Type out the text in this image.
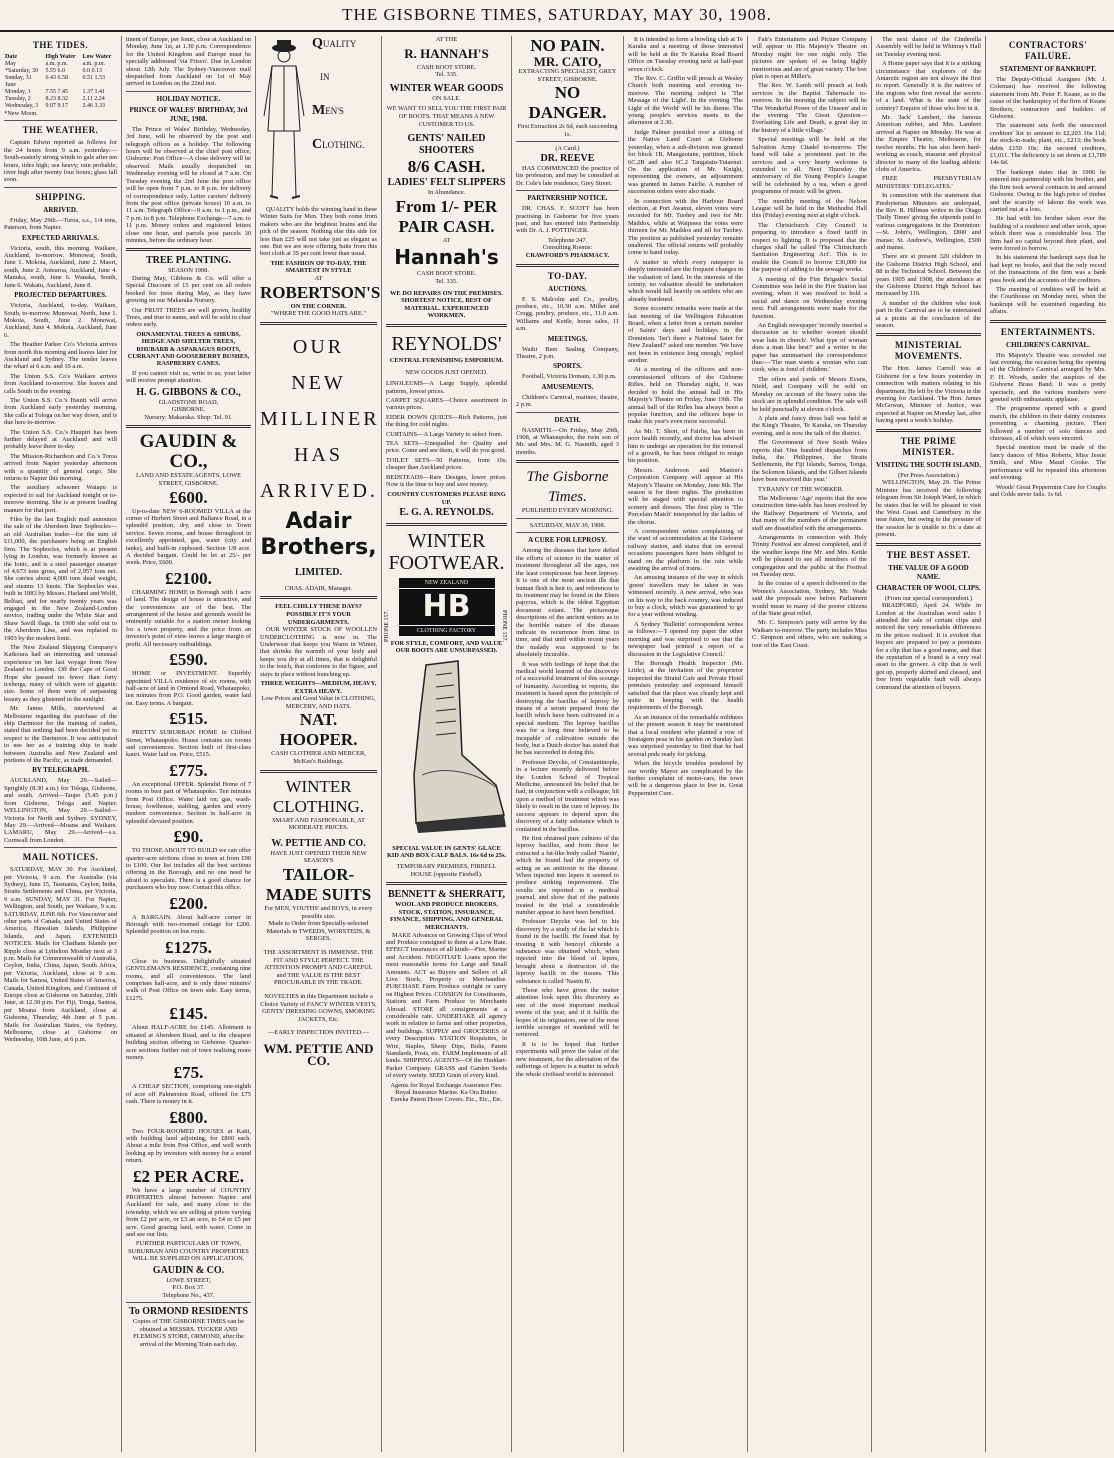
THE GISBORNE TIMES, SATURDAY, MAY 30, 1908.
THE TIDES.
Date	High Water	Low Water
May	a.m. p.m.	a.m. p.m.
*Saturday, 30	5.55 6.0	0.0 0.13
Sunday, 31	6.43 6.58	0.51 1.53
June		
Monday, 1	7.55 7.45	1.37 1.41
Tuesday, 2	8.23 8.32	2.11 2.24
Wednesday, 3	9.07 9.17	2.46 3.33

*New Moon.

THE WEATHER.

Captain Edwin reported as follows for the 24 hours from 9 a.m. yesterday:—South-easterly strong winds to gale after ten hours, tides high; sea heavy; rain probable; river high after twenty four hours; glass fall soon.

SHIPPING.
ARRIVED.

Friday, May 29th.—Toroa, s.s., 1/4 tons, Paterson, from Napier.

EXPECTED ARRIVALS.

Victoria, south, this morning. Waikare, Auckland, to-morrow. Monowai, South, June 1. Mokoia, Auckland, June 2. Maori, south, June 2. Aotearoa, Auckland, June 4. Manuka, south, June 6. Wanaka, South, June 6. Wakatu, Auckland, June 8.

PROJECTED DEPARTURES.

Victoria, Auckland, to-day. Waikare, South, to-morrow. Monowai, North, June 1. Mokoia, South, June 2. Monowai, Auckland, June 4. Mokoia, Auckland, June 6.

The Heather Parker Co's Victoria arrives from north this morning and leaves later for Auckland and Sydney. The tender leaves the wharf at 6 a.m. and 10 a.m.

The Union S.S. Co's Waikare arrives from Auckland to-morrow. She leaves and calls South in the evening.

The Union S.S. Co.'s Hauiti will arrive from Auckland early yesterday morning. She calls at Tologa on her way down, and is due here to-morrow.

The Union S.S. Co.'s Haupiri has been further delayed at Auckland and will probably leave there to-day.

The Mission-Richardson and Co.'s Toroa arrived from Napier yesterday afternoon with a quantity of general cargo. She returns to Napier this morning.

The auxiliary schooner Waiapu is expected to sail for Auckland tonight or to-morrow morning. She is at present loading manure for that port.

Files by the last English mail announce the sale of the Aberdeen liner Sophocles—an old Australian trader—for the sum of £11,000, the purchasers being an English firm. The Sophocles, which is at present lying in London, was formerly known as the Ionic, and is a steel passenger steamer of 4,673 tons gross, and of 2,957 tons net. She carries about 4,000 tons dead weight, and steams 13 knots. The Sophocles was built in 1883 by Messrs. Harland and Wolff, Belfast, and for nearly twenty years was engaged in the New Zealand-London service, trading under the White Star and Shaw Savill flags. In 1900 she sold out to the Aberdeen Line, and was replaced in 1903 by the modern Ionic.

The New Zealand Shipping Company's Kaikoura had an interesting and unusual experience on her last voyage from New Zealand to London. Off the Cape of Good Hope she passed no fewer than forty icebergs, many of which were of gigantic size. Some of them were of surpassing beauty as they glistened in the sunlight.

Mr. James Mills, interviewed at Melbourne regarding the purchase of the ship Dartmoor for the training of cadets, stated that nothing had been decided yet in respect to the Dartmoor. It was anticipated to use her as a training ship to trade between Australia and New Zealand and portions of the Pacific, as trade demanded.

BY TELEGRAPH.

AUCKLAND, May 29.—Sailed—Sprightly (8.30 a.m.) for Tologa, Gisborne, and south. Arrived—Taupo (5.45 p.m.) from Gisborne, Tologa and Napier. WELLINGTON, May 29.—Sailed—Victoria for North and Sydney. SYDNEY, May 29.—Arrived—Moana and Waikare. LAMARU, May 29.—Arrived—s.s. Cornwall from London.

MAIL NOTICES.

SATURDAY, MAY 30. For Auckland, per Victoria, 9 a.m. For Australia (via Sydney), June 15, Tasmania, Ceylon, India, Straits Settlements and China, per Victoria, 9 a.m. SUNDAY, MAY 31. For Napier, Wellington, and South, per Waikare, 9 a.m. SATURDAY, JUNE 6th. For Vancouver and other parts of Canada, and United States of America, Hawaiian Islands, Philippine Islands, and Japan. EXTENDED NOTICES. Mails for Chatham Islands per Ripple close at Lyttelton Monday next at 3 p.m. Mails for Commonwealth of Australia, Ceylon, India, China, Japan, South Africa, per Victoria, Auckland, close at 9 a.m. Mails for Samoa, United States of America, Canada, United Kingdom, and Continent of Europe close at Gisborne on Saturday, 20th June, at 12.30 p.m. For Fiji, Tonga, Samoa, per Moana from Auckland, close at Gisborne, Thursday, 4th June at 5 p.m. Mails for Australian States, via Sydney, Melbourne, close at Gisborne on Wednesday, 10th June, at 6 p.m.

tinent of Europe, per Ionic, close at Auckland on Monday, June 1st, at 1.30 p.m. Correspondence for the United Kingdom and Europe must be specially addressed 'via Frisco'. Due in London about 12th July. The Sydney-Vancouver mail despatched from Auckland on 1st of May arrived in London on the 22nd inst.

HOLIDAY NOTICE.
PRINCE OF WALES' BIRTHDAY, 3rd JUNE, 1908.

The Prince of Wales' Birthday, Wednesday, 3rd June, will be observed by the post and telegraph offices as a holiday. The following hours will be observed at the chief post office, Gisborne: Post Office—A close delivery will be observed. Mails usually despatched on Wednesday evening will be closed at 7 a.m. On Tuesday evening the 2nd June the post office will be open from 7 p.m. to 8 p.m. for delivery of correspondence only. Letter carriers' delivery from the post office (private boxes) 10 a.m. to 11 a.m. Telegraph Office—9 a.m. to 1 p.m., and 7 p.m. to 8 p.m. Telephone Exchange—7 a.m. to 11 p.m. Money orders and registered letters close one hour, and parcels post parcels 30 minutes, before the ordinary hour.

TREE PLANTING.
SEASON 1908.

During May, Gibbons & Co. will offer a Special Discount of 15 per cent on all orders booked for trees during May, as they have growing on our Makaraka Nursery.

Our FRUIT TREES are well grown, healthy Trees, and true to name, and will be sold to clear orders early.

ORNAMENTAL TREES & SHRUBS, HEDGE AND SHELTER TREES, RHUBARB & ASPARAGUS ROOTS, CURRANT AND GOOSEBERRY BUSHES, RASPBERRY CANES.

If you cannot visit us, write to us; your letter will receive prompt attention.

H. G. GIBBONS & CO.,
GLADSTONE ROAD,
GISBORNE.
Nursery: Makaraka. Shop: Tel. 91.
GAUDIN & CO.,
LAND AND ESTATE AGENTS, LOWE STREET, GISBORNE.
£600.

Up-to-date NEW 6-ROOMED VILLA at the corner of Herbert Street and Ballance Road, in a splendid position, dry, and close to Town service. Seven rooms, and house throughout in excellently appointed, gas, water (city and tanks), and built-in cupboard. Section 1/8 acre. A decided bargain. Could be let at 25/- per week. Price, £600.

£2100.

CHARMING HOME in Borough with 1 acre of land. The design of house is attractive, and the conveniences are of the best. The arrangement of the house and grounds would be eminently suitable for a station owner looking for a town property, and the price from an investor's point of view leaves a large margin of profit. All necessary outbuildings.

£590.

HOME or INVESTMENT. Superbly appointed VILLA residence of six rooms, with half-acre of land in Ormond Road, Whataupoko, ten minutes from P.O. Good garden, water laid on. Easy terms. A bargain.

£515.

PRETTY SUBURBAN HOME in Clifford Street, Whataupoko. House contains six rooms and conveniences. Section built of first-class kauri. Water laid on. Price, £515.

£775.

An exceptional OFFER. Splendid Home of 7 rooms in best part of Whataupoko. Ten minutes from Post Office. Water laid on; gas, wash-house, fowlhouse, stabling, garden and every modern convenience. Section in half-acre in splendid elevated position.

£90.

TO THOSE ABOUT TO BUILD we can offer quarter-acre sections close to town at from £90 to £100. Our list includes all the best sections offering in the Borough, and no one need be afraid to speculate. There is a good chance for purchasers who buy now. Contact this office.

£200.

A BARGAIN. About half-acre corner in Borough with two-roomed cottage for £200. Splendid position on bus route.

£1275.

Close to business. Delightfully situated GENTLEMAN'S RESIDENCE, containing nine rooms, and all conveniences. The land comprises half-acre, and is only three minutes' walk of Post Office on town side. Easy terms, £1275.

£145.

About HALF-ACRE for £145. Allotment is situated at Aberdeen Road, and is the cheapest building section offering in Gisborne. Quarter-acre sections further out of town realising more money.

£75.

A CHEAP SECTION, comprising one-eighth of acre off Palmerston Road, offered for £75 cash. There is money in it.

£800.

Two FOUR-ROOMED HOUSES at Kaiti, with building land adjoining, for £800 each. About a mile from Post Office, and well worth looking up by investors with money for a sound return.

£2 PER ACRE.

We have a large number of COUNTRY PROPERTIES almost between Napier and Auckland for sale, and many close to the township, which we are selling at prices varying from £2 per acre, or £3 an acre, to £4 or £5 per acre. Good grazing land, with water. Come in and see our lists.

FURTHER PARTICULARS OF TOWN, SUBURBAN AND COUNTRY PROPERTIES WILL BE SUPPLIED ON APPLICATION.

GAUDIN & CO.
LOWE STREET,
P.O. Box 37.
Telephone No., 437.
To ORMOND RESIDENTS

Copies of THE GISBORNE TIMES can be obtained at MESSRS. TUCKER AND FLEMING'S STORE, ORMOND, after the arrival of the Morning Train each day.

QUALITY
IN
MEN'S
CLOTHING.

QUALITY holds the winning hand in these Winter Suits for Men. They both come from makers who are the brightest brains and the pick of the season. Nothing else this side for less than £25 will not take just as elegant as one. But we are now offering Suits from this best cloth at 35 per cent lower than usual.

THE FASHION OF TO-DAY, THE SMARTEST IN STYLE
AT
ROBERTSON'S
ON THE CORNER.
"WHERE THE GOOD HATS ARE."
OUR
NEW
MILLINER
HAS
ARRIVED.
Adair
Brothers,
LIMITED.
CHAS. ADAIR, Manager.
FEEL CHILLY THESE DAYS? POSSIBLY IT'S YOUR UNDERGARMENTS.

OUR WINTER STOCK OF WOOLLEN UNDERCLOTHING is now in. The Underwear that keeps you Warm in Winter, that shrinks the warmth of your body and keeps you dry at all times, that is delightful to the touch, that conforms to the figure, and stays in place without bunching up.

THREE WEIGHTS—MEDIUM, HEAVY, EXTRA HEAVY.
Low Prices and Good Value in CLOTHING, MERCERY, AND HATS.
NAT. HOOPER.
CASH CLOTHIER AND MERCER, McKee's Buildings.
WINTER CLOTHING.
SMART AND FASHIONABLE, AT MODERATE PRICES.
W. PETTIE AND CO.
HAVE JUST OPENED THEIR NEW SEASON'S
TAILOR-MADE SUITS
For MEN, YOUTHS' and BOYS, in every possible size.
Made to Order from Specially-selected Materials in TWEEDS, WORSTEDS, & SERGES.
THE ASSORTMENT IS IMMENSE. THE FIT AND STYLE PERFECT. THE ATTENTION PROMPT AND CAREFUL and THE VALUE IS THE BEST PROCURABLE IN THE TRADE.
NOVELTIES in this Department include a Choice Variety of FANCY WINTER VESTS, GENTS' DRESSING GOWNS, SMOKING JACKETS, Etc.
—EARLY INSPECTION INVITED.—
WM. PETTIE AND CO.
AT THE
R. HANNAH'S
CASH BOOT STORE.
Tel. 335.
WINTER WEAR GOODS
ON SALE.
WE WANT TO SELL YOU THE FIRST PAIR OF BOOTS. THAT MEANS A NEW CUSTOMER TO US.
GENTS' NAILED SHOOTERS
8/6 CASH.
LADIES' FELT SLIPPERS
In Abundance.
From 1/- PER PAIR CASH.
AT
Hannah's
CASH BOOT STORE.
Tel. 335.
WE DO REPAIRS ON THE PREMISES. SHORTEST NOTICE, BEST OF MATERIAL. EXPERIENCED WORKMEN.
REYNOLDS'
CENTRAL FURNISHING EMPORIUM.
NEW GOODS JUST OPENED.

LINOLEUMS—A Large Supply, splendid patterns, lowest prices.

CARPET SQUARES—Choice assortment in various prices.

EIDER DOWN QUILTS—Rich Patterns, just the thing for cold nights.

CURTAINS—A Large Variety to select from.

TEA SETS—Unequalled for Quality and price. Come and see them, it will do you good.

TOILET SETS—50 Patterns, from 10s; cheaper than Auckland prices.

BEDSTEADS—Rare Designs, lower prices. Now is the time to buy and save money.

COUNTRY CUSTOMERS PLEASE RING UP.
E. G. A. REYNOLDS.
WINTER FOOTWEAR.
NEW ZEALAND
HB
CLOTHING FACTORY
FOR STYLE, COMFORT, AND VALUE OUR BOOTS ARE UNSURPASSED.
SPECIAL VALUE IN GENTS' GLACE KID AND BOX CALF BALS. 16s 6d to 25s.
TEMPORARY PREMISES, FIRBELL HOUSE (opposite Firebell).
PHONE 157.	PHONE 157.
BENNETT & SHERRATT,
WOOL AND PRODUCE BROKERS, STOCK, STATION, INSURANCE, FINANCE, SHIPPING, AND GENERAL MERCHANTS.

MAKE Advances on Growing Clips of Wool and Produce consigned to them at a Low Rate. EFFECT Insurances of all kinds—Fire, Marine and Accident. NEGOTIATE Loans upon the most reasonable terms for Large and Small Amounts. ACT as Buyers and Sellers of all Live Stock, Property or Merchandise. PURCHASE Farm Produce outright or carry on Highest Prices. CONSIGN for Constituents, Stations and Farm Produce to Merchants Abroad. STORE all consignments at a considerable rate. UNDERTAKE all agency work in relation to farms and other properties, and buildings. SUPPLY and GROCERIES of every Description. STATION Requisites, in Wire, Staples, Sheep Dips, Bolts, Patent Standards, Posts, etc. FARM Implements of all kinds. SHIPPING AGENTS—Of the Huddart-Parker Company. GRASS and Garden Seeds of every variety. SEED Grain of every kind.

Agents for Royal Exchange Assurance Fire. Royal Insurance Marine. Ka Ora Butter. Eureka Patent Horse Covers. Etc., Etc., Etc.

NO PAIN.
MR. CATO,
EXTRACTING SPECIALIST, GREY STREET, GISBORNE.
NO DANGER.
First Extraction 2s 6d, each succeeding 1s.
(A Card.)
DR. REEVE

HAS COMMENCED the practice of his profession, and may be consulted at Dr. Cole's late residence, Grey Street.

PARTNERSHIP NOTICE.

DR. CHAS. F. SCOTT has been practising in Gisborne for five years past, and has entered into Partnership with Dr. A. J. POTTINGER.

Telephone 247.
Consulting Rooms:
CRAWFORD'S PHARMACY.
TO-DAY.
AUCTIONS.

F. S. Malcolm and Co., poultry, produce, etc., 10.30 a.m. Miller and Crogg, poultry, produce, etc., 11.0 a.m. Williams and Kettle, horse sales, 11 a.m.

MEETINGS.

Waihi Beet Sealing Company, Theatre, 2 p.m.

SPORTS.

Football, Victoria Domain, 1.30 p.m.

AMUSEMENTS.

Children's Carnival, matinee, theatre, 2 p.m.

DEATH.

NASMITH.—On Friday, May 29th, 1908, at Whataupoko, the twin son of Mr. and Mrs. M. G. Nasmith, aged 3 months.

The Gisborne Times.
PUBLISHED EVERY MORNING.
SATURDAY, MAY 30, 1908.
A CURE FOR LEPROSY.

Among the diseases that have defied the efforts of science to the matter of treatment throughout all the ages, not the least conspicuous has been leprosy. It is one of the most ancient ills that human flesh is heir to, and references to its treatment may be found in the Ebers papyrus, which is the oldest Egyptian document extant. The picturesque descriptions of the ancient writers as to the horrible nature of the disease indicate its recurrence from time to time, and that until within recent years the malady was supposed to be absolutely incurable.

It was with feelings of hope that the medical world learned of the discovery of a successful treatment of this scourge of humanity. According to reports, the treatment is based upon the principle of destroying the bacillus of leprosy by means of a serum prepared from the bacilli which have been cultivated in a special medium. The leprosy bacillus was for a long time believed to be incapable of cultivation outside the body, but a Dutch doctor has stated that he has succeeded in doing this.

Professor Deycke, of Constantinople, in a lecture recently delivered before the London School of Tropical Medicine, announced his belief that he had, in conjunction with a colleague, hit upon a method of treatment which was likely to result in the cure of leprosy. Its success appears to depend upon the discovery of a fatty substance which is contained in the bacillus.

He first obtained pure cultures of the leprosy bacillus, and from these he extracted a fat-like body called 'Nastin', which he found had the property of acting as an antitoxin to the disease. When injected into lepers it seemed to produce striking improvement. The results are reported in a medical journal, and show that of the patients treated in the trial a considerable number appear to have been benefited.

Professor Deycke was led to his discovery by a study of the fat which is found in the bacilli. He found that by treating it with benzoyl chloride a substance was obtained which, when injected into the blood of lepers, brought about a destruction of the leprosy bacilli in the tissues. This substance is called 'Nastin B'.

Those who have given the matter attention look upon this discovery as one of the most important medical events of the year, and if it fulfils the hopes of its originators, one of the most terrible scourges of mankind will be removed.

It is to be hoped that further experiments will prove the value of the new treatment, for the alleviation of the sufferings of lepers is a matter in which the whole civilised world is interested.

It is intended to form a bowling club at Te Karaka and a meeting of those interested will be held at the Te Karaka Road Board Office on Tuesday evening next at half-past seven o'clock.

The Rev. C. Griffin will preach at Wesley Church both morning and evening to-morrow. The morning subject is 'The Message of the Light'. In the evening 'The Light of the World' will be his theme. The young people's services meets in the afternoon at 2.30.

Judge Palmer presided over a sitting of the Native Land Court at Gisborne yesterday, when a sub-division was granted for block 1B, Mangaotane, partition, block 6C.2B and also 6C.2 Tangatatu-Tutaenui. On the application of Mr. Knight, representing the owners, an adjournment was granted in James Fairlie. A number of succession orders were also made.

In connection with the Harbour Board election, at Port Awanui, eleven votes were recorded for Mr. Tuohey and two for Mr. Maddox, while at Waipawa the votes were thirteen for Mr. Maddox and nil for Tuohey. The position as published yesterday remains unaltered. The official returns will probably come to hand today.

A matter in which every ratepayer is deeply interested are the frequent changes in the valuation of land. In the interests of the county, no valuation should be undertaken which would fall heavily on settlers who are already burdened.

Some eccentric remarks were made at the last meeting of the Wellington Education Board, when a letter from a certain number of Saints' days and holidays in the Dominion. 'Isn't there a National Saint for New Zealand?' asked one member. 'We have not been in existence long enough,' replied another.

At a meeting of the officers and non-commissioned officers of the Gisborne Rifles, held on Thursday night, it was decided to hold the annual ball in His Majesty's Theatre on Friday, June 19th. The annual ball of the Rifles has always been a popular function, and the officers hope to make this year's even more successful.

As Mr. T. Short, of Fairlie, has been in poor health recently, and doctor has advised him to undergo an operation for the removal of a growth, he has been obliged to resign his position.

Messrs. Anderson and Manion's Corporation Company will appear at His Majesty's Theatre on Monday, June 8th. The season is for three nights. The production will be staged with special attention to scenery and dresses. The first play is 'The Porcelain Match' interpreted by the ladies of the chorus.

A correspondent writes complaining of the want of accommodation at the Gisborne railway station, and states that on several occasions passengers have been obliged to stand on the platform in the rain while awaiting the arrival of trains.

An amusing instance of the way in which 'green' travellers may be taken in was witnessed recently. A new arrival, who was on his way to the back country, was induced to buy a clock, which was guaranteed to go for a year without winding.

A Sydney 'Bulletin' correspondent writes as follows:—'I opened my paper the other morning and was surprised to see that the newspaper had printed a report of a discussion in the Legislative Council.'

The Borough Health Inspector (Mr. Little), at the invitation of the proprietor inspected the Strand Cafe and Private Hotel premises yesterday and expressed himself satisfied that the place was cleanly kept and quite in keeping with the health requirements of the Borough.

As an instance of the remarkable mildness of the present season it may be mentioned that a local resident who planted a row of Stratagem peas in his garden on Sunday last was surprised yesterday to find that he had several pods ready for picking.

When the bicycle troubles pondered by our worthy Mayor are complicated by the further complaint of motor-cars, the town will be a dangerous place to live in. Great Peppermint Cure.

Fair's Entertainers and Picture Company will appear in His Majesty's Theatre on Monday night for one night only. The pictures are spoken of as being highly meritorious and are of great variety. The box plan is open at Miller's.

The Rev. W. Lamb will preach at both services in the Baptist Tabernacle to-morrow. In the morning the subject will be 'The Wonderful Power of the Unseen' and in the evening 'The Great Question—Everlasting Life and Death, a great day in the history of a little village.'

Special meetings will be held at the Salvation Army Citadel to-morrow. The band will take a prominent part in the services and a very hearty welcome is extended to all. Next Thursday the anniversary of the Young People's League will be celebrated by a tea, when a good programme of music will be given.

The monthly meeting of the Nelson League will be held in the Methodist Hall this (Friday) evening next at eight o'clock.

The Christchurch City Council is preparing to introduce a fixed tariff in respect to lighting. It is proposed that the charges shall be called 'The Christchurch Sanitation Engineering Act'. This is to enable the Council to borrow £30,000 for the purpose of adding to the sewage works.

A meeting of the Fire Brigade's Social Committee was held in the Fire Station last evening, when it was resolved to hold a social and dance on Wednesday evening next. Full arrangements were made for the function.

An English newspaper 'recently inserted a discussion as to whether women should wear hats in church'. What type of woman does a man like best?' and a writer in the paper has summarised the correspondence thus:—'The man wants a woman who can cook, who is fond of children.'

The offers and yards of Messrs Evans, Nield, and Company will be sold on Monday on account of the heavy rains the stock are in splendid condition. The sale will be held punctually at eleven o'clock.

A plain and fancy dress ball was held at the King's Theatre, Te Karaka, on Thursday evening, and is now the talk of the district.

The Government of New South Wales reports that 'One hundred dispatches from India, the Philippines, the Straits Settlements, the Fiji Islands, Samoa, Tonga, the Solomon Islands, and the Gilbert Islands have been received this year.'

TYRANNY OF THE WORKER.

The Melbourne 'Age' reports that the new construction time-table has been evolved by the Railway Department of Victoria, and that many of the members of the permanent staff are dissatisfied with the arrangements.

Arrangements in connection with Holy Trinity Festival are almost completed, and if the weather keeps fine Mr. and Mrs. Kettle will be pleased to see all members of the congregation and the public at the Festival on Tuesday next.

In the course of a speech delivered to the Women's Association, Sydney, Mr. Wade said the proposals now before Parliament would mean to many of the poorer citizens of the State great relief.

Mr. C. Simpson's party will arrive by the Waikare to-morrow. The party includes Miss C. Simpson and others, who are making a tour of the East Coast.

The next dance of the Cinderella Assembly will be held in Whinray's Hall on Tuesday evening next.

A Home paper says that it is a striking circumstance that explorers of the Antarctic region are not always the first to report. Generally it is the natives of the regions who first reveal the secrets of a land. What is the state of the country? Enquire of those who live in it.

Mr. 'Jack' Lambert, the famous American rubber, and Mrs. Lambert arrived at Napier on Monday. He was at the Empire Theatre, Melbourne, for twelve months. He has also been hard-working as coach, masseur and physical director to many of the leading athletic clubs of America.

FREE PRESBYTERIAN MINISTERS' 'DELEGATES.'

In connection with the statement that Presbyterian Ministers are underpaid, the Rev. R. Hillman writes in the Otago 'Daily Times' giving the stipends paid to various congregations in the Dominion:—St. John's, Wellington, £800 and manse; St. Andrew's, Wellington, £500 and manse.

There are at present 320 children in the Gisborne District High School, and 88 in the Technical School. Between the years 1905 and 1908, the attendance at the Gisborne District High School has increased by 116.

A number of the children who took part in the Carnival are to be entertained at a picnic at the conclusion of the season.

MINISTERIAL MOVEMENTS.

The Hon. James Carroll was at Gisborne for a few hours yesterday in connection with matters relating to his department. He left by the Victoria in the evening for Auckland. The Hon. James McGowan, Minister of Justice, was expected at Napier on Monday last, after having spent a week's holiday.

THE PRIME MINISTER.
VISITING THE SOUTH ISLAND.
(Per Press Association.)

WELLINGTON, May 29. The Prime Minister has received the following telegram from Sir Joseph Ward, in which he states that he will be pleased to visit the West Coast and Canterbury in the near future, but owing to the pressure of the session he is unable to fix a date at present.

THE BEST ASSET.
THE VALUE OF A GOOD NAME.
CHARACTER OF WOOL CLIPS.
(From our special correspondent.)

BRADFORD, April 24. While in London at the Australian wool sales I attended the sale of certain clips and noticed the very remarkable differences in the prices realised. It is evident that buyers are prepared to pay a premium for a clip that has a good name, and that the reputation of a brand is a very real asset to the grower. A clip that is well got up, properly skirted and classed, and free from vegetable fault will always command the attention of buyers.

CONTRACTORS' FAILURE.
STATEMENT OF BANKRUPT.

The Deputy-Official Assignee (Mr. J. Coleman) has received the following statement from Mr. Peter F. Keane, as to the cause of the bankruptcy of the firm of Keane Brothers, contractors and builders of Gisborne.

The statement sets forth the unsecured creditors' list to amount to £2,203 16s 11d; the stock-in-trade, plant, etc., £213; the book debts £150 10s; the secured creditors, £1,011. The deficiency is set down at £1,789 14s 6d.

The bankrupt states that in 1906 he entered into partnership with his brother, and the firm took several contracts in and around Gisborne. Owing to the high price of timber and the scarcity of labour the work was carried out at a loss.

He had with his brother taken over the building of a residence and other work, upon which there was a considerable loss. The firm had no capital beyond their plant, and were forced to borrow.

In his statement the bankrupt says that he had kept no books, and that the only record of the transactions of the firm was a bank pass book and the accounts of the creditors.

The meeting of creditors will be held at the Courthouse on Monday next, when the bankrupt will be examined regarding his affairs.

ENTERTAINMENTS.
CHILDREN'S CARNIVAL.

His Majesty's Theatre was crowded out last evening, the occasion being the opening of the Children's Carnival arranged by Mrs. F. H. Woods, under the auspices of the Gisborne Brass Band. It was a pretty spectacle, and the various numbers were greeted with enthusiastic applause.

The programme opened with a grand march, the children in their dainty costumes presenting a charming picture. Then followed a number of solo dances and choruses, all of which were encored.

Special mention must be made of the fancy dances of Miss Roberts, Miss Jessie Smith, and Miss Maud Cooke. The performance will be repeated this afternoon and evening.

Woods' Great Peppermint Cure for Coughs and Colds never fails. 1s 6d.
